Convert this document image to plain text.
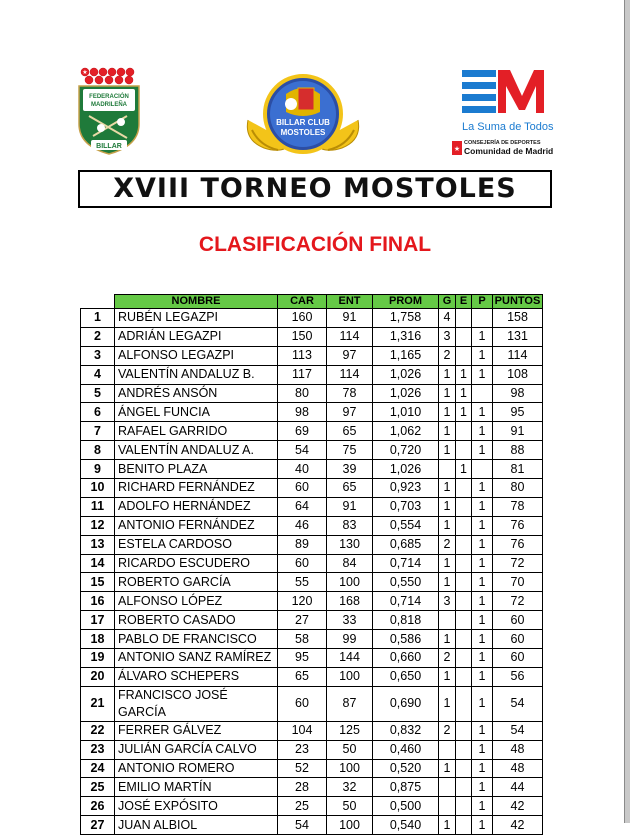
★
FEDERACIÓN
MADRILEÑA
BILLAR
BILLAR CLUB
MOSTOLES	La Suma de Todos
★
CONSEJERÍA DE DEPORTES
Comunidad de Madrid
XVIII TORNEO MOSTOLES
CLASIFICACIÓN FINAL
	NOMBRE	CAR	ENT	PROM	G	E	P	PUNTOS
1	RUBÉN LEGAZPI	160	91	1,758	4			158
2	ADRIÁN LEGAZPI	150	114	1,316	3		1	131
3	ALFONSO LEGAZPI	113	97	1,165	2		1	114
4	VALENTÍN ANDALUZ B.	117	114	1,026	1	1	1	108
5	ANDRÉS ANSÓN	80	78	1,026	1	1		98
6	ÁNGEL FUNCIA	98	97	1,010	1	1	1	95
7	RAFAEL GARRIDO	69	65	1,062	1		1	91
8	VALENTÍN ANDALUZ A.	54	75	0,720	1		1	88
9	BENITO PLAZA	40	39	1,026		1		81
10	RICHARD FERNÁNDEZ	60	65	0,923	1		1	80
11	ADOLFO HERNÁNDEZ	64	91	0,703	1		1	78
12	ANTONIO FERNÁNDEZ	46	83	0,554	1		1	76
13	ESTELA CARDOSO	89	130	0,685	2		1	76
14	RICARDO ESCUDERO	60	84	0,714	1		1	72
15	ROBERTO GARCÍA	55	100	0,550	1		1	70
16	ALFONSO LÓPEZ	120	168	0,714	3		1	72
17	ROBERTO CASADO	27	33	0,818			1	60
18	PABLO DE FRANCISCO	58	99	0,586	1		1	60
19	ANTONIO SANZ RAMÍREZ	95	144	0,660	2		1	60
20	ÁLVARO SCHEPERS	65	100	0,650	1		1	56
21	FRANCISCO JOSÉ GARCÍA	60	87	0,690	1		1	54
22	FERRER GÁLVEZ	104	125	0,832	2		1	54
23	JULIÁN GARCÍA CALVO	23	50	0,460			1	48
24	ANTONIO ROMERO	52	100	0,520	1		1	48
25	EMILIO MARTÍN	28	32	0,875			1	44
26	JOSÉ EXPÓSITO	25	50	0,500			1	42
27	JUAN ALBIOL	54	100	0,540	1		1	42
